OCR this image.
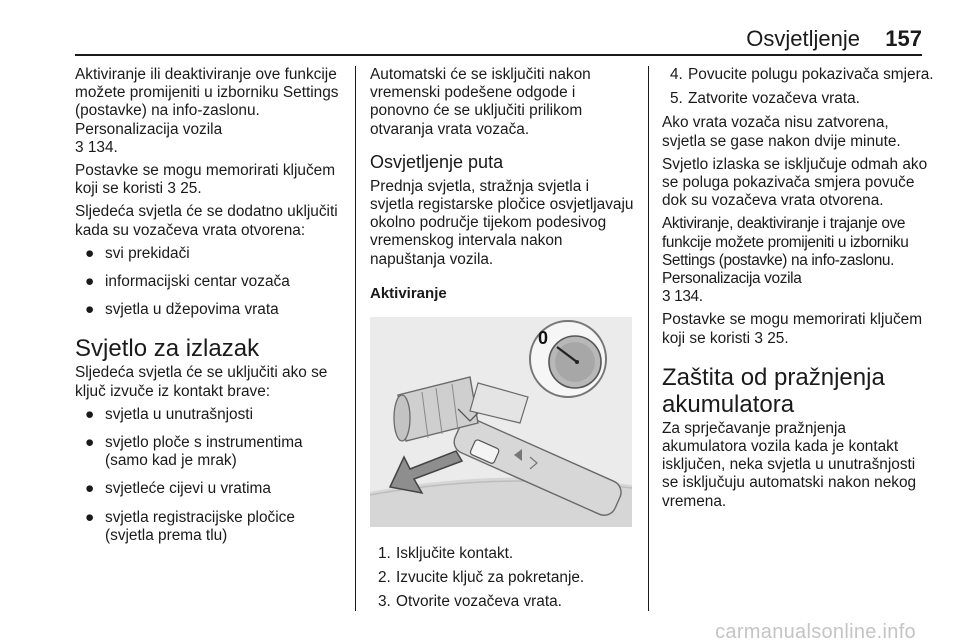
Osvjetljenje 157

Aktiviranje ili deaktiviranje ove funkcije možete promijeniti u izborniku Settings (postavke) na info-zaslonu. Personalizacija vozila
3 134.

Postavke se mogu memorirati ključem koji se koristi 3 25.

Sljedeća svjetla će se dodatno uključiti kada su vozačeva vrata otvorena:

● svi prekidači
● informacijski centar vozača
● svjetla u džepovima vrata
Svjetlo za izlazak

Sljedeća svjetla će se uključiti ako se ključ izvuče iz kontakt brave:

● svjetla u unutrašnjosti
● svjetlo ploče s instrumentima (samo kad je mrak)
● svjetleće cijevi u vratima
● svjetla registracijske pločice (svjetla prema tlu)

Automatski će se isključiti nakon vremenski podešene odgode i ponovno će se uključiti prilikom otvaranja vrata vozača.

Osvjetljenje puta

Prednja svjetla, stražnja svjetla i svjetla registarske pločice osvjetljavaju okolno područje tijekom podesivog vremenskog intervala nakon napuštanja vozila.

Aktiviranje
0
1. Isključite kontakt.
2. Izvucite ključ za pokretanje.
3. Otvorite vozačeva vrata.
4. Povucite polugu pokazivača smjera.
5. Zatvorite vozačeva vrata.

Ako vrata vozača nisu zatvorena, svjetla se gase nakon dvije minute.

Svjetlo izlaska se isključuje odmah ako se poluga pokazivača smjera povuče dok su vozačeva vrata otvorena.

Aktiviranje, deaktiviranje i trajanje ove funkcije možete promijeniti u izborniku Settings (postavke) na info-zaslonu. Personalizacija vozila
3 134.

Postavke se mogu memorirati ključem koji se koristi 3 25.

Zaštita od pražnjenja akumulatora

Za sprječavanje pražnjenja akumulatora vozila kada je kontakt isključen, neka svjetla u unutrašnjosti se isključuju automatski nakon nekog vremena.

carmanualsonline.info
